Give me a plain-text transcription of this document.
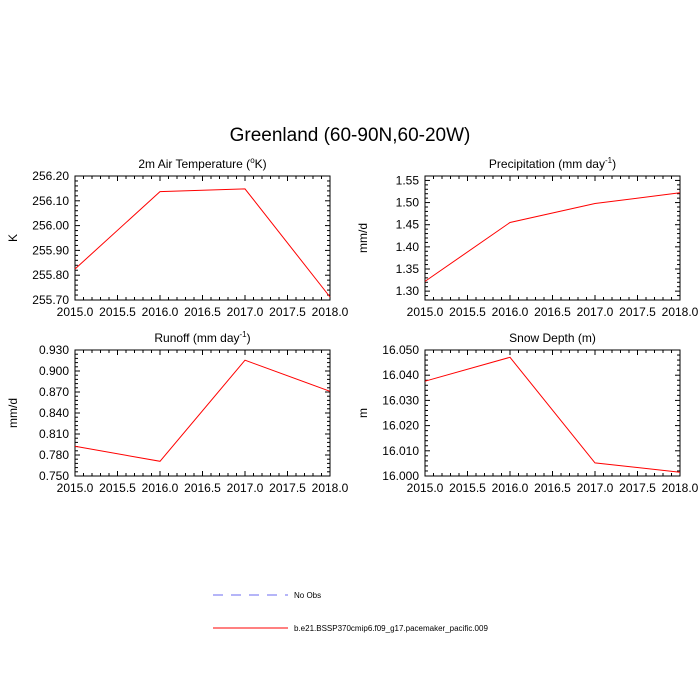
Greenland (60-90N,60-20W)
2m Air Temperature ($^o$K)
K
2015.0 2015.5 2016.0 2016.5 2017.0 2017.5 2018.0
255.70
255.80
255.90
256.00
256.10
256.20
Precipitation (mm day$^{-1}$)
mm/d
2015.0 2015.5 2016.0 2016.5 2017.0 2017.5 2018.0
1.30
1.35
1.40
1.45
1.50
1.55
Runoff (mm day$^{-1}$)
mm/d
2015.0 2015.5 2016.0 2016.5 2017.0 2017.5 2018.0
0.750
0.780
0.810
0.840
0.870
0.900
0.930
Snow Depth (m)
m
2015.0 2015.5 2016.0 2016.5 2017.0 2017.5 2018.0
16.000
16.010
16.020
16.030
16.040
16.050
No Obs
b.e21.BSSP370cmip6.f09_g17.pacemaker_pacific.009
